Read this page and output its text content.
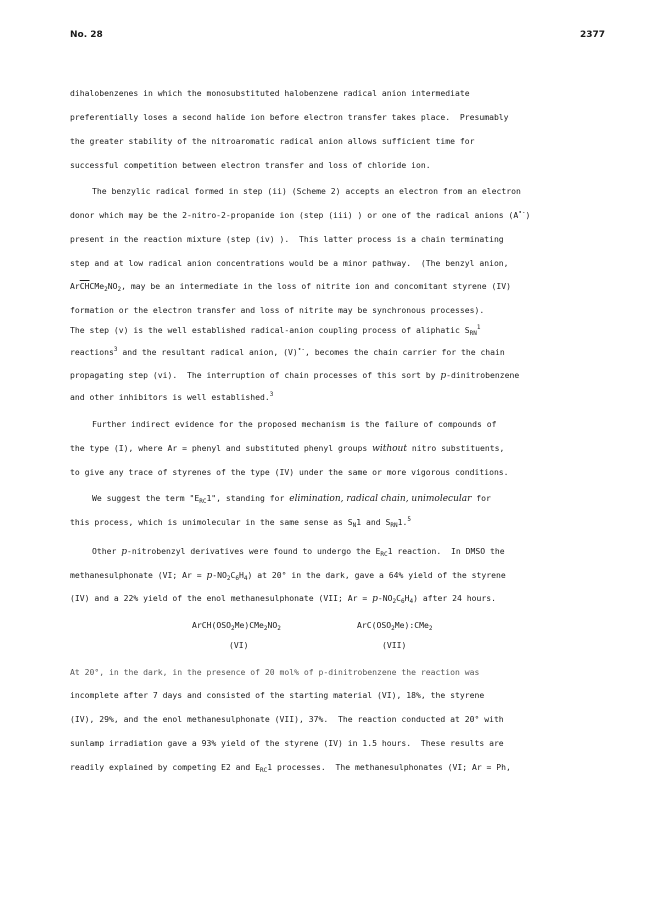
No. 28	2377
dihalobenzenes in which the monosubstituted halobenzene radical anion intermediate
preferentially loses a second halide ion before electron transfer takes place.  Presumably
the greater stability of the nitroaromatic radical anion allows sufficient time for
successful competition between electron transfer and loss of chloride ion.
The benzylic radical formed in step (ii) (Scheme 2) accepts an electron from an electron
donor which may be the 2-nitro-2-propanide ion (step (iii) ) or one of the radical anions (A∙-)
present in the reaction mixture (step (iv) ).  This latter process is a chain terminating
step and at low radical anion concentrations would be a minor pathway.  (The benzyl anion,
$Ar\overline{CH}CMe_2NO_2$, may be an intermediate in the loss of nitrite ion and concomitant styrene (IV)
formation or the electron transfer and loss of nitrite may be synchronous processes).
The step (v) is the well established radical-anion coupling process of aliphatic $S_{RN}^1$
reactions$^3$ and the resultant radical anion, (V)∙-, becomes the chain carrier for the chain
propagating step (vi).  The interruption of chain processes of this sort by p-dinitrobenzene
and other inhibitors is well established.$^3$
Further indirect evidence for the proposed mechanism is the failure of compounds of
the type (I), where Ar = phenyl and substituted phenyl groups without nitro substituents,
to give any trace of styrenes of the type (IV) under the same or more vigorous conditions.
We suggest the term "$E_{RC}1$", standing for elimination, radical chain, unimolecular for
this process, which is unimolecular in the same sense as $S_N1$ and $S_{RN}1.^5$
Other p-nitrobenzyl derivatives were found to undergo the $E_{RC}1$ reaction.  In DMSO the
methanesulphonate (VI; $Ar = p-NO_2C_6H_4$) at 20° in the dark, gave a 64% yield of the styrene
(IV) and a 22% yield of the enol methanesulphonate (VII; $Ar = p-NO_2C_6H_4$) after 24 hours.
$ArCH(OSO_2Me)CMe_2NO_2$
(VI)
$ArC(OSO_2Me):CMe_2$
(VII)
At 20°, in the dark, in the presence of 20 mol% of p-dinitrobenzene the reaction was
incomplete after 7 days and consisted of the starting material (VI), 18%, the styrene
(IV), 29%, and the enol methanesulphonate (VII), 37%.  The reaction conducted at 20° with
sunlamp irradiation gave a 93% yield of the styrene (IV) in 1.5 hours.  These results are
readily explained by competing E2 and $E_{RC}1$ processes.  The methanesulphonates (VI; Ar = Ph,
